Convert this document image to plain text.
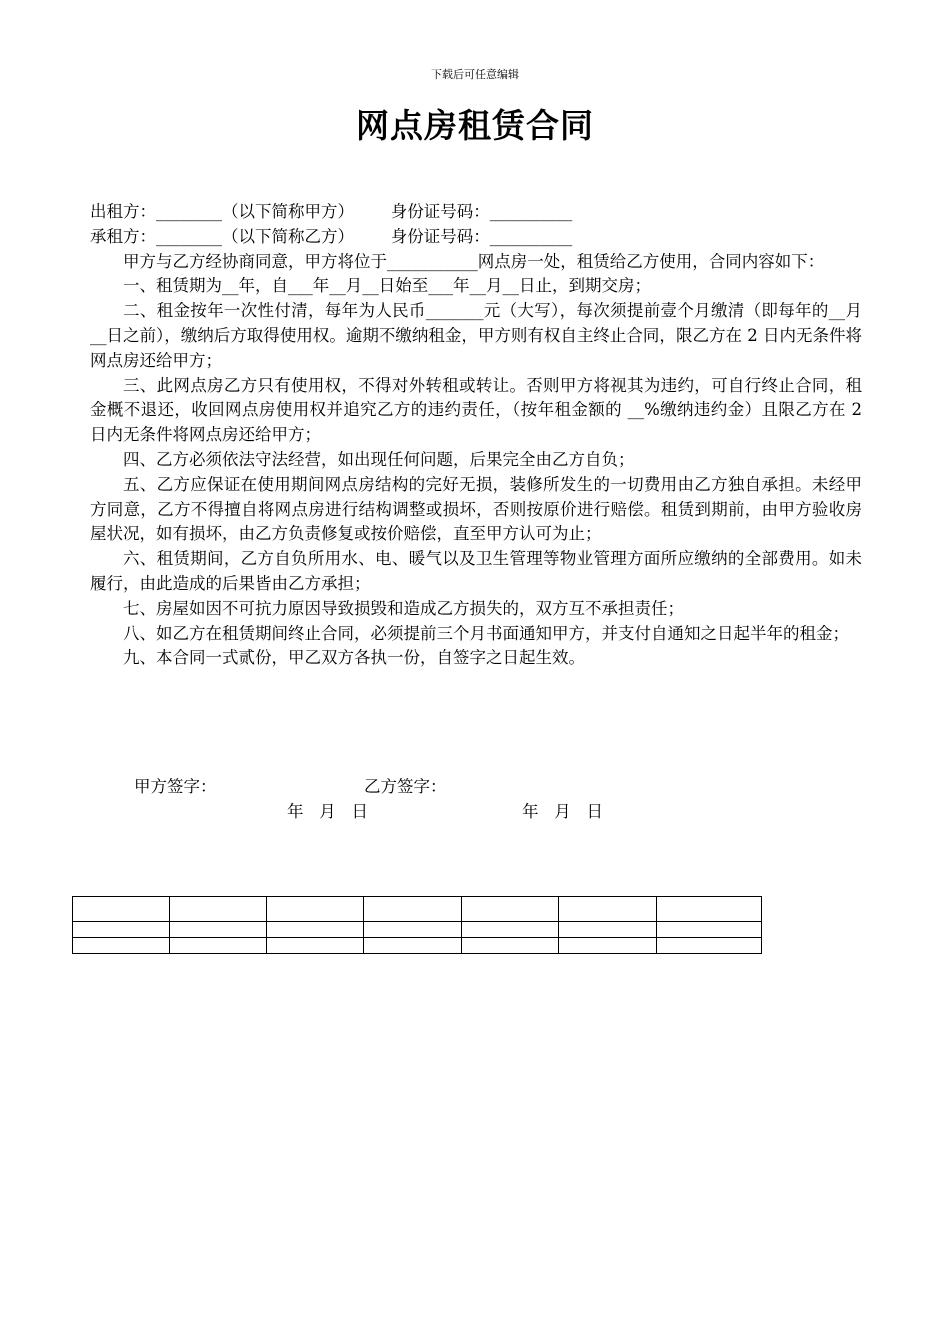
下载后可任意编辑
网点房租赁合同
出租方：________（以下简称甲方）       身份证号码：__________
承租方：________（以下简称乙方）       身份证号码：__________
甲方与乙方经协商同意，甲方将位于___________网点房一处，租赁给乙方使用，合同内容如下：
一、租赁期为__年，自___年__月__日始至___年__月__日止，到期交房；
二、租金按年一次性付清，每年为人民币_______元（大写），每次须提前壹个月缴清（即每年的__月__日之前），缴纳后方取得使用权。逾期不缴纳租金，甲方则有权自主终止合同，限乙方在 2 日内无条件将网点房还给甲方；
三、此网点房乙方只有使用权，不得对外转租或转让。否则甲方将视其为违约，可自行终止合同，租金概不退还，收回网点房使用权并追究乙方的违约责任，（按年租金额的 __%缴纳违约金）且限乙方在 2 日内无条件将网点房还给甲方；
四、乙方必须依法守法经营，如出现任何问题，后果完全由乙方自负；
五、乙方应保证在使用期间网点房结构的完好无损，装修所发生的一切费用由乙方独自承担。未经甲方同意，乙方不得擅自将网点房进行结构调整或损坏，否则按原价进行赔偿。租赁到期前，由甲方验收房屋状况，如有损坏，由乙方负责修复或按价赔偿，直至甲方认可为止；
六、租赁期间，乙方自负所用水、电、暖气以及卫生管理等物业管理方面所应缴纳的全部费用。如未履行，由此造成的后果皆由乙方承担；
七、房屋如因不可抗力原因导致损毁和造成乙方损失的，双方互不承担责任；
八、如乙方在租赁期间终止合同，必须提前三个月书面通知甲方，并支付自通知之日起半年的租金；
九、本合同一式贰份，甲乙双方各执一份，自签字之日起生效。
甲方签字：	乙方签字：
年   月   日	年   月   日
